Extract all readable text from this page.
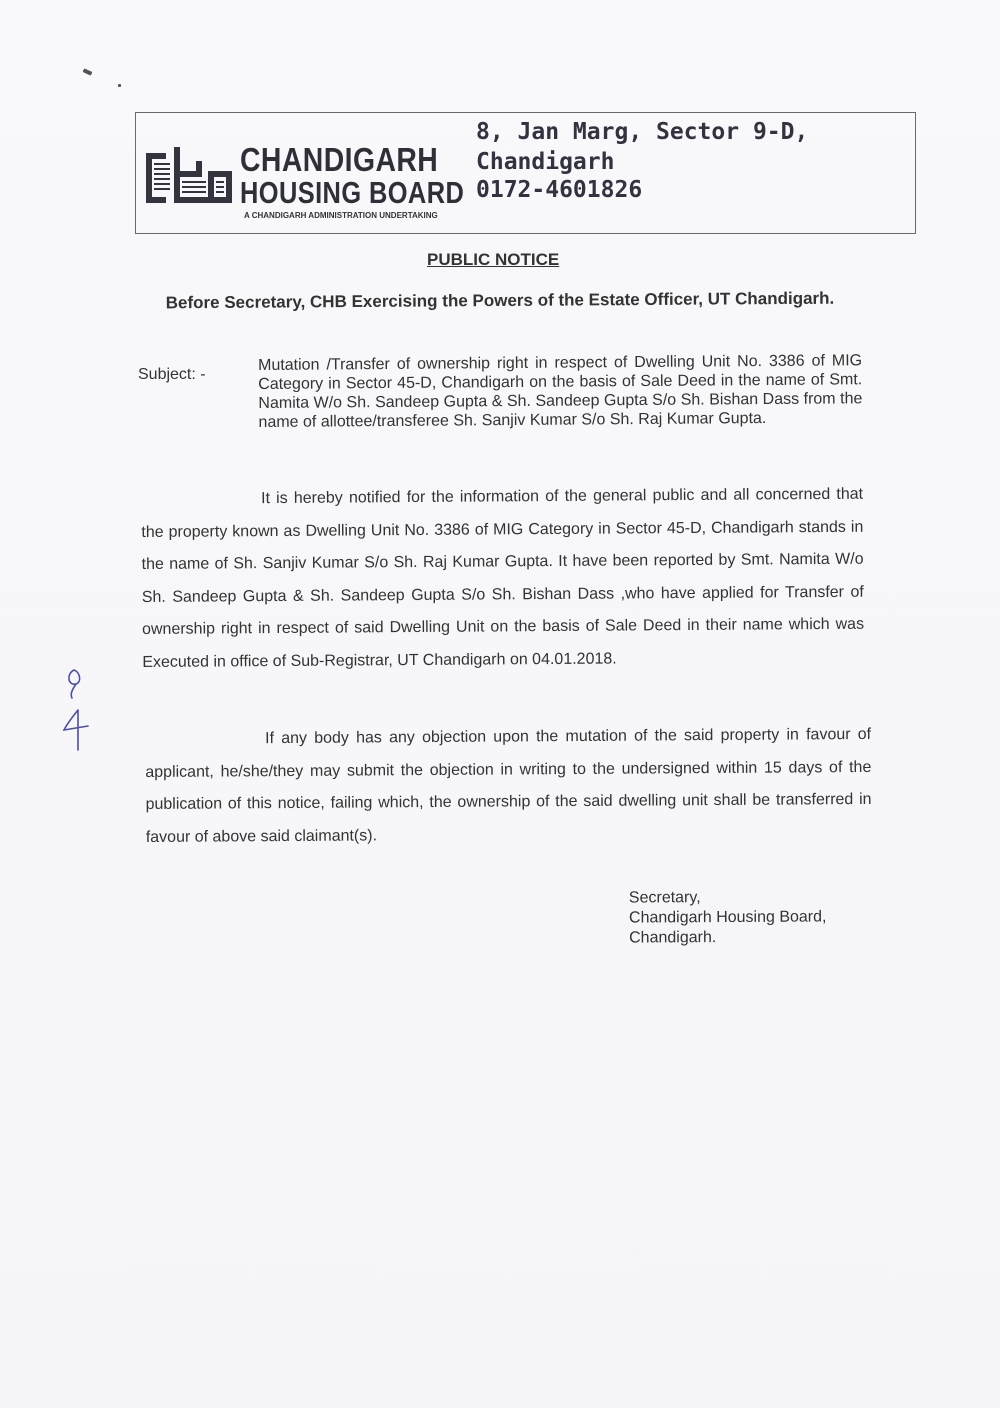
CHANDIGARH
HOUSING BOARD
A CHANDIGARH ADMINISTRATION UNDERTAKING
8, Jan Marg, Sector 9-D,
Chandigarh
0172-4601826
PUBLIC NOTICE
Before Secretary, CHB Exercising the Powers of the Estate Officer, UT Chandigarh.
Subject: -
Mutation /Transfer of ownership right in respect of Dwelling Unit No. 3386 of MIG Category in Sector 45-D, Chandigarh on the basis of Sale Deed in the name of Smt. Namita W/o Sh. Sandeep Gupta & Sh. Sandeep Gupta S/o Sh. Bishan Dass from the name of allottee/transferee Sh. Sanjiv Kumar S/o Sh. Raj Kumar Gupta.
It is hereby notified for the information of the general public and all concerned that the property known as Dwelling Unit No. 3386 of MIG Category in Sector 45-D, Chandigarh stands in the name of Sh. Sanjiv Kumar S/o Sh. Raj Kumar Gupta. It have been reported by Smt. Namita W/o Sh. Sandeep Gupta & Sh. Sandeep Gupta S/o Sh. Bishan Dass ,who have applied for Transfer of ownership right in respect of said Dwelling Unit on the basis of Sale Deed in their name which was Executed in office of Sub-Registrar, UT Chandigarh on 04.01.2018.
If any body has any objection upon the mutation of the said property in favour of applicant, he/she/they may submit the objection in writing to the undersigned within 15 days of the publication of this notice, failing which, the ownership of the said dwelling unit shall be transferred in favour of above said claimant(s).
Secretary,
Chandigarh Housing Board,
Chandigarh.
